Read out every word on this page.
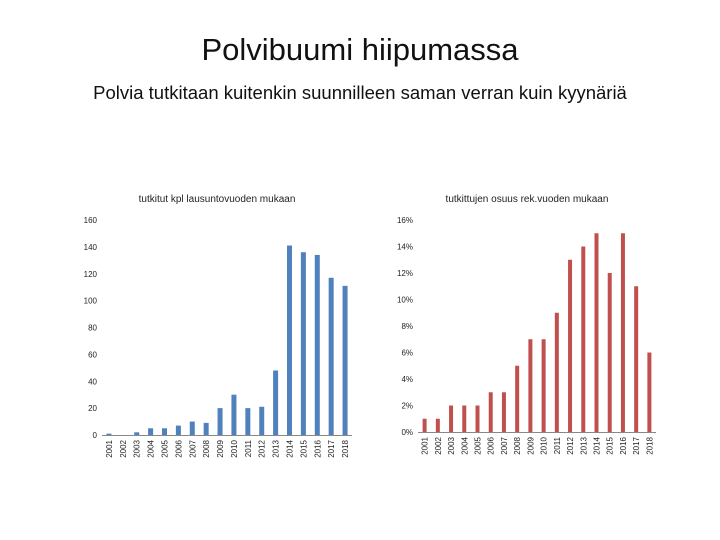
Polvibuumi hiipumassa
Polvia tutkitaan kuitenkin suunnilleen saman verran kuin kyynäriä
tutkitut kpl lausuntovuoden mukaan
0
20
40
60
80
100
120
140
160
2001 2002 2003 2004 2005 2006 2007 2008 2009 2010 2011 2012 2013 2014 2015 2016 2017 2018
tutkittujen osuus rek.vuoden mukaan
0%
2%
4%
6%
8%
10%
12%
14%
16%
2001 2002 2003 2004 2005 2006 2007 2008 2009 2010 2011 2012 2013 2014 2015 2016 2017 2018
